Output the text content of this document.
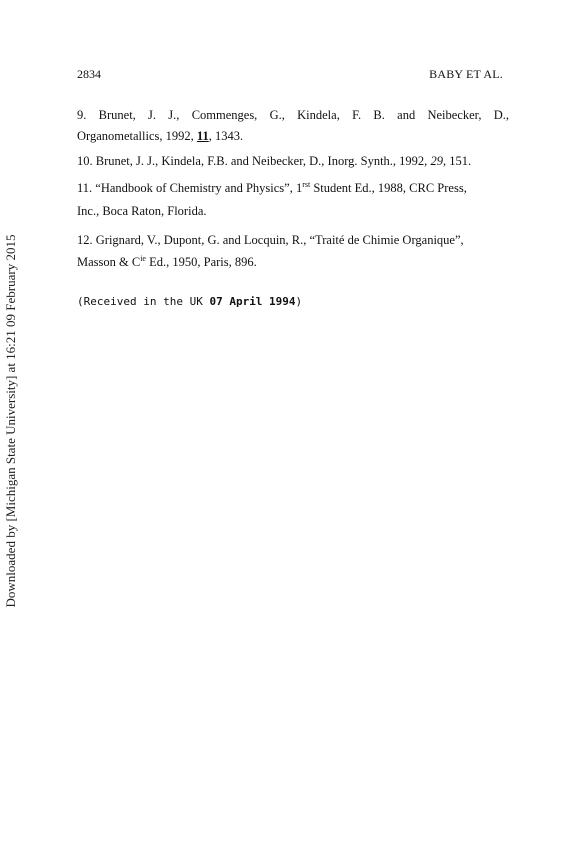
2834	BABY ET AL.
9. Brunet, J. J., Commenges, G., Kindela, F. B. and Neibecker, D.,
Organometallics, 1992, 11, 1343.
10. Brunet, J. J., Kindela, F.B. and Neibecker, D., Inorg. Synth., 1992, 29, 151.
11. “Handbook of Chemistry and Physics”, $1^{rst}$ Student Ed., 1988, CRC Press,
Inc., Boca Raton, Florida.
12. Grignard, V., Dupont, G. and Locquin, R., “Traité de Chimie Organique”,
Masson & $C^{ie}$ Ed., 1950, Paris, 896.
(Received in the UK 07 April 1994)
Downloaded by [Michigan State University] at 16:21 09 February 2015
